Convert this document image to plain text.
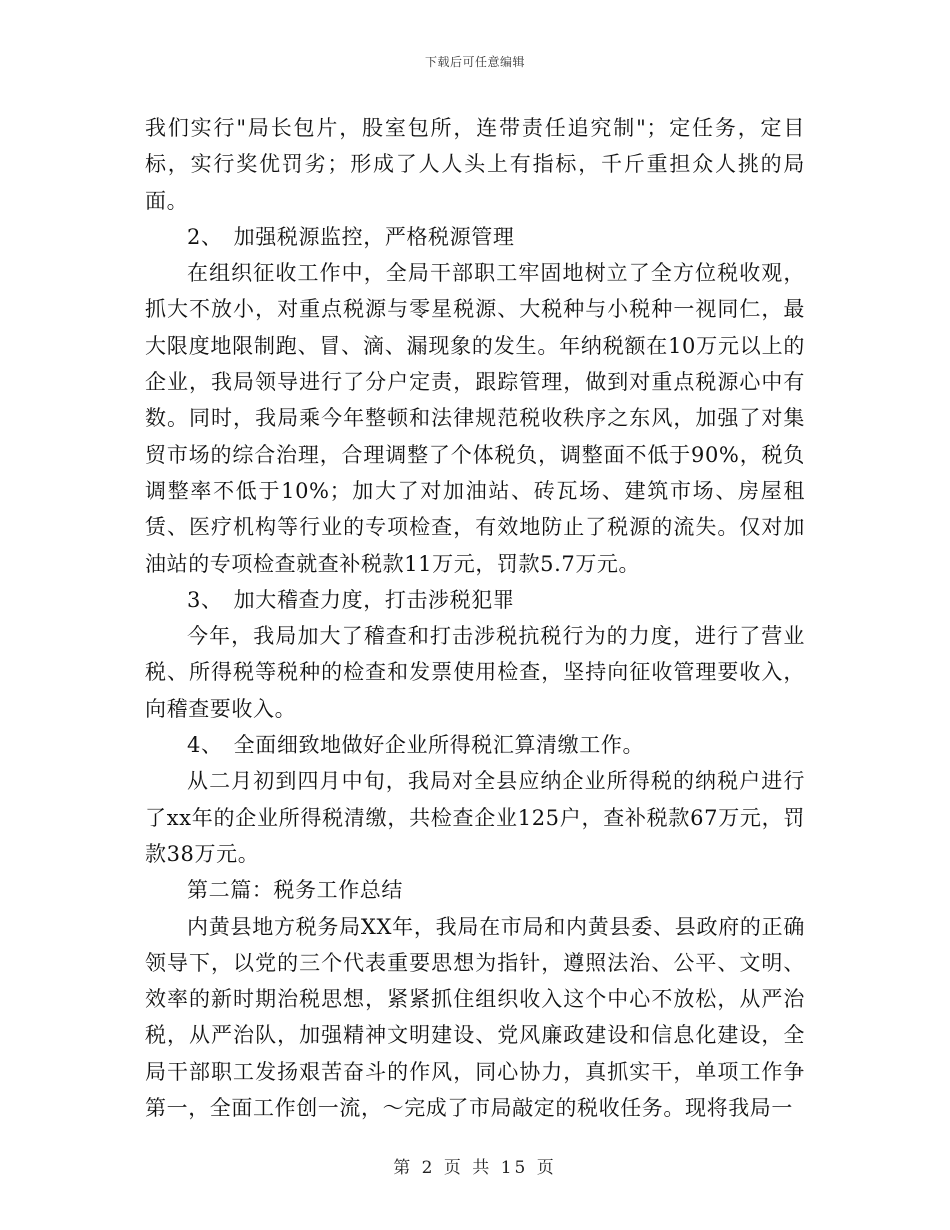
下载后可任意编辑

我们实行"局长包片，股室包所，连带责任追究制"；定任务，定目标，实行奖优罚劣；形成了人人头上有指标，千斤重担众人挑的局面。

2、　加强税源监控，严格税源管理

在组织征收工作中，全局干部职工牢固地树立了全方位税收观，抓大不放小，对重点税源与零星税源、大税种与小税种一视同仁，最大限度地限制跑、冒、滴、漏现象的发生。年纳税额在10万元以上的企业，我局领导进行了分户定责，跟踪管理，做到对重点税源心中有数。同时，我局乘今年整顿和法律规范税收秩序之东风，加强了对集贸市场的综合治理，合理调整了个体税负，调整面不低于90%，税负调整率不低于10%；加大了对加油站、砖瓦场、建筑市场、房屋租赁、医疗机构等行业的专项检查，有效地防止了税源的流失。仅对加油站的专项检查就查补税款11万元，罚款5.7万元。

3、　加大稽查力度，打击涉税犯罪

今年，我局加大了稽查和打击涉税抗税行为的力度，进行了营业税、所得税等税种的检查和发票使用检查，坚持向征收管理要收入，向稽查要收入。

4、　全面细致地做好企业所得税汇算清缴工作。

从二月初到四月中旬，我局对全县应纳企业所得税的纳税户进行了xx年的企业所得税清缴，共检查企业125户，查补税款67万元，罚款38万元。

第二篇：税务工作总结

内黄县地方税务局XX年，我局在市局和内黄县委、县政府的正确领导下，以党的三个代表重要思想为指针，遵照法治、公平、文明、效率的新时期治税思想，紧紧抓住组织收入这个中心不放松，从严治税，从严治队，加强精神文明建设、党风廉政建设和信息化建设，全局干部职工发扬艰苦奋斗的作风，同心协力，真抓实干，单项工作争第一，全面工作创一流，～完成了市局敲定的税收任务。现将我局一

第 2 页 共 15 页
